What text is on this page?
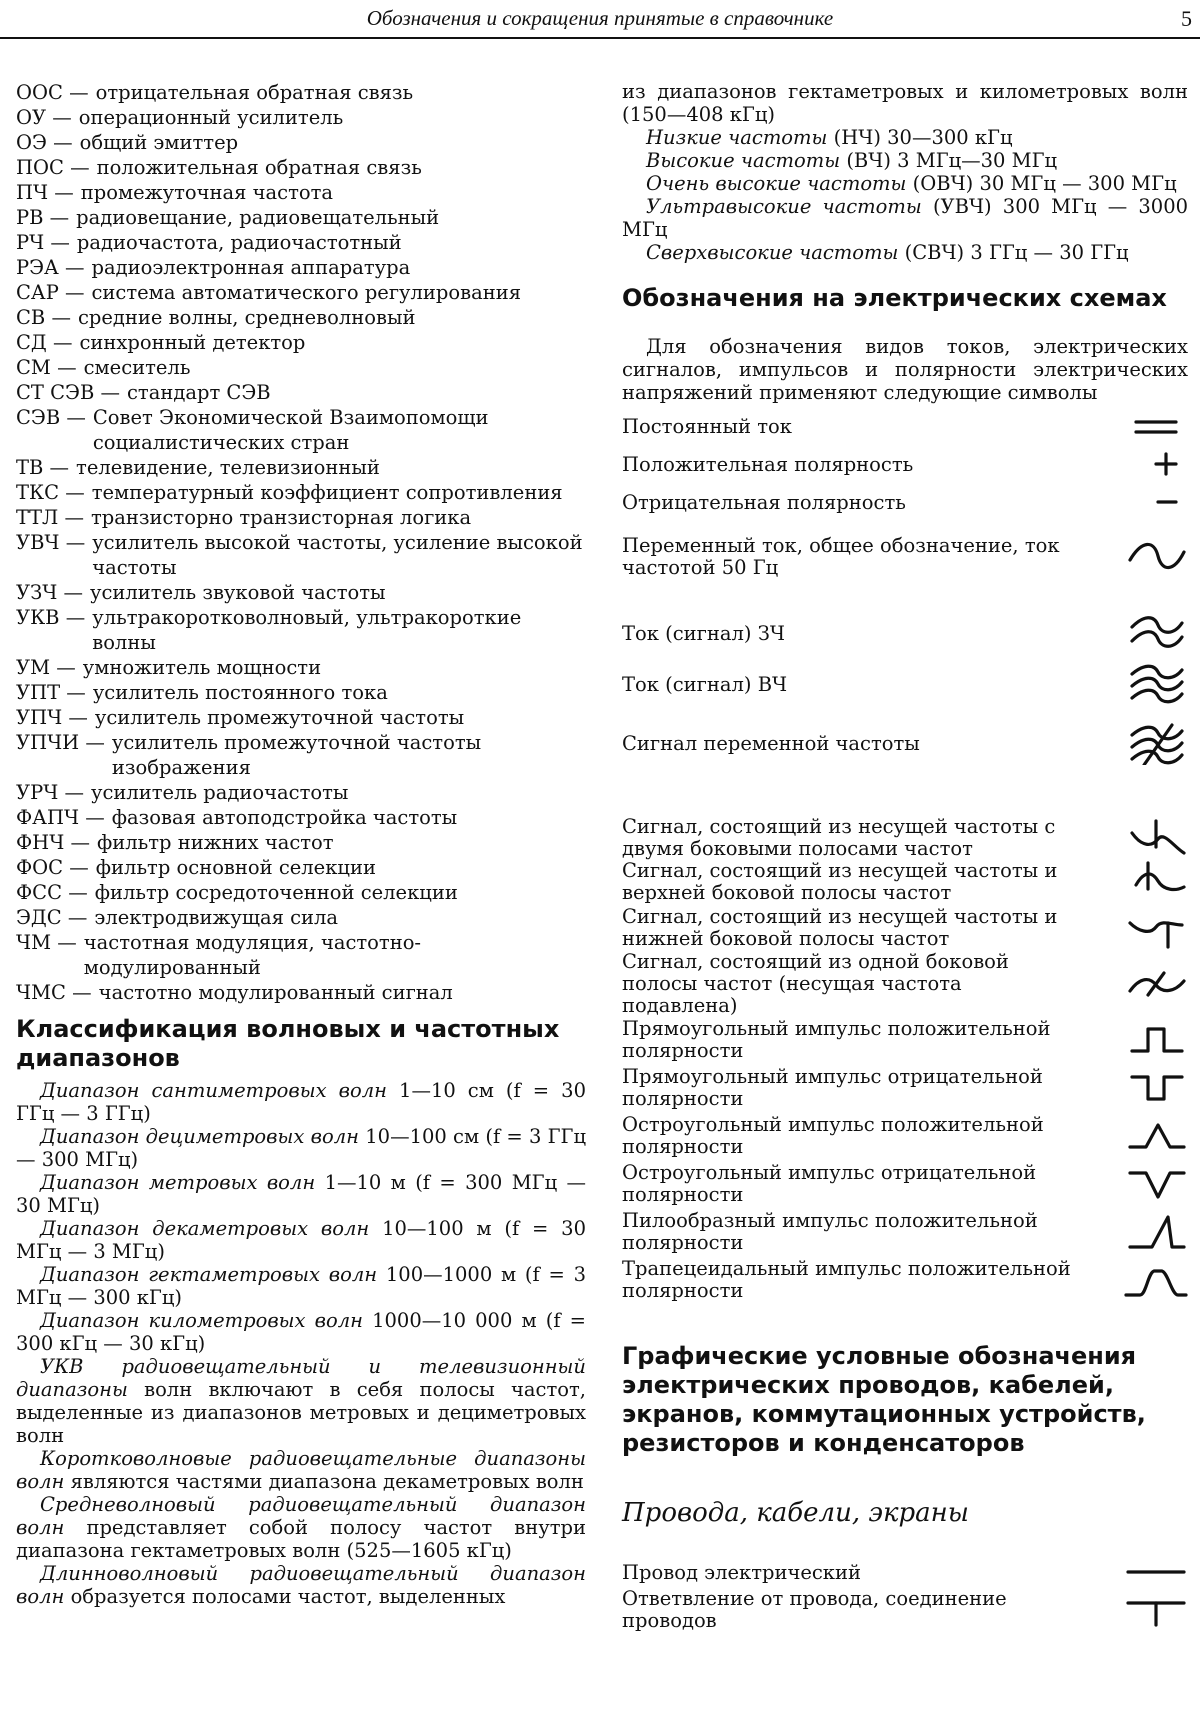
Обозначения и сокращения принятые в справочнике	5
ООС — отрицательная обратная связь
ОУ — операционный усилитель
ОЭ — общий эмиттер
ПОС — положительная обратная связь
ПЧ — промежуточная частота
РВ — радиовещание, радиовещательный
РЧ — радиочастота, радиочастотный
РЭА — радиоэлектронная аппаратура
САР — система автоматического регулирования
СВ — средние волны, средневолновый
СД — синхронный детектор
СМ — смеситель
СТ СЭВ — стандарт СЭВ
СЭВ — Совет Экономической Взаимопомощи социалистических стран
ТВ — телевидение, телевизионный
ТКС — температурный коэффициент сопротивления
ТТЛ — транзисторно транзисторная логика
УВЧ — усилитель высокой частоты, усиление высокой частоты
УЗЧ — усилитель звуковой частоты
УКВ — ультракоротковолновый, ультракороткие волны
УМ — умножитель мощности
УПТ — усилитель постоянного тока
УПЧ — усилитель промежуточной частоты
УПЧИ — усилитель промежуточной частоты изображения
УРЧ — усилитель радиочастоты
ФАПЧ — фазовая автоподстройка частоты
ФНЧ — фильтр нижних частот
ФОС — фильтр основной селекции
ФСС — фильтр сосредоточенной селекции
ЭДС — электродвижущая сила
ЧМ — частотная модуляция, частотно-модулированный
ЧМС — частотно модулированный сигнал
Классификация волновых и частотных диапазонов
Диапазон сантиметровых волн 1—10 см (f = 30 ГГц — 3 ГГц)
Диапазон дециметровых волн 10—100 см (f = 3 ГГц — 300 МГц)
Диапазон метровых волн 1—10 м (f = 300 МГц — 30 МГц)
Диапазон декаметровых волн 10—100 м (f = 30 МГц — 3 МГц)
Диапазон гектаметровых волн 100—1000 м (f = 3 МГц — 300 кГц)
Диапазон километровых волн 1000—10 000 м (f = 300 кГц — 30 кГц)
УКВ радиовещательный и телевизионный диапазоны волн включают в себя полосы частот, выделенные из диапазонов метровых и дециметровых волн
Коротковолновые радиовещательные диапазоны волн являются частями диапазона декаметровых волн
Средневолновый радиовещательный диапазон волн представляет собой полосу частот внутри диапазона гектаметровых волн (525—1605 кГц)
Длинноволновый радиовещательный диапазон волн образуется полосами частот, выделенных
из диапазонов гектаметровых и километровых волн (150—408 кГц)
Низкие частоты (НЧ) 30—300 кГц
Высокие частоты (ВЧ) 3 МГц—30 МГц
Очень высокие частоты (ОВЧ) 30 МГц — 300 МГц
Ультравысокие частоты (УВЧ) 300 МГц — 3000 МГц
Сверхвысокие частоты (СВЧ) 3 ГГц — 30 ГГц
Обозначения на электрических схемах
Для обозначения видов токов, электрических сигналов, импульсов и полярности электрических напряжений применяют следующие символы
Постоянный ток
Положительная полярность
Отрицательная полярность
Переменный ток, общее обозначение, ток частотой 50 Гц
Ток (сигнал) ЗЧ
Ток (сигнал) ВЧ
Сигнал переменной частоты
Сигнал, состоящий из несущей частоты с двумя боковыми полосами частот
Сигнал, состоящий из несущей частоты и верхней боковой полосы частот
Сигнал, состоящий из несущей частоты и нижней боковой полосы частот
Сигнал, состоящий из одной боковой полосы частот (несущая частота подавлена)
Прямоугольный импульс положительной полярности
Прямоугольный импульс отрицательной полярности
Остроугольный импульс положительной полярности
Остроугольный импульс отрицательной полярности
Пилообразный импульс положительной полярности
Трапецеидальный импульс положительной полярности
Графические условные обозначения электрических проводов, кабелей, экранов, коммутационных устройств, резисторов и конденсаторов
Провода, кабели, экраны
Провод электрический
Ответвление от провода, соединение проводов
